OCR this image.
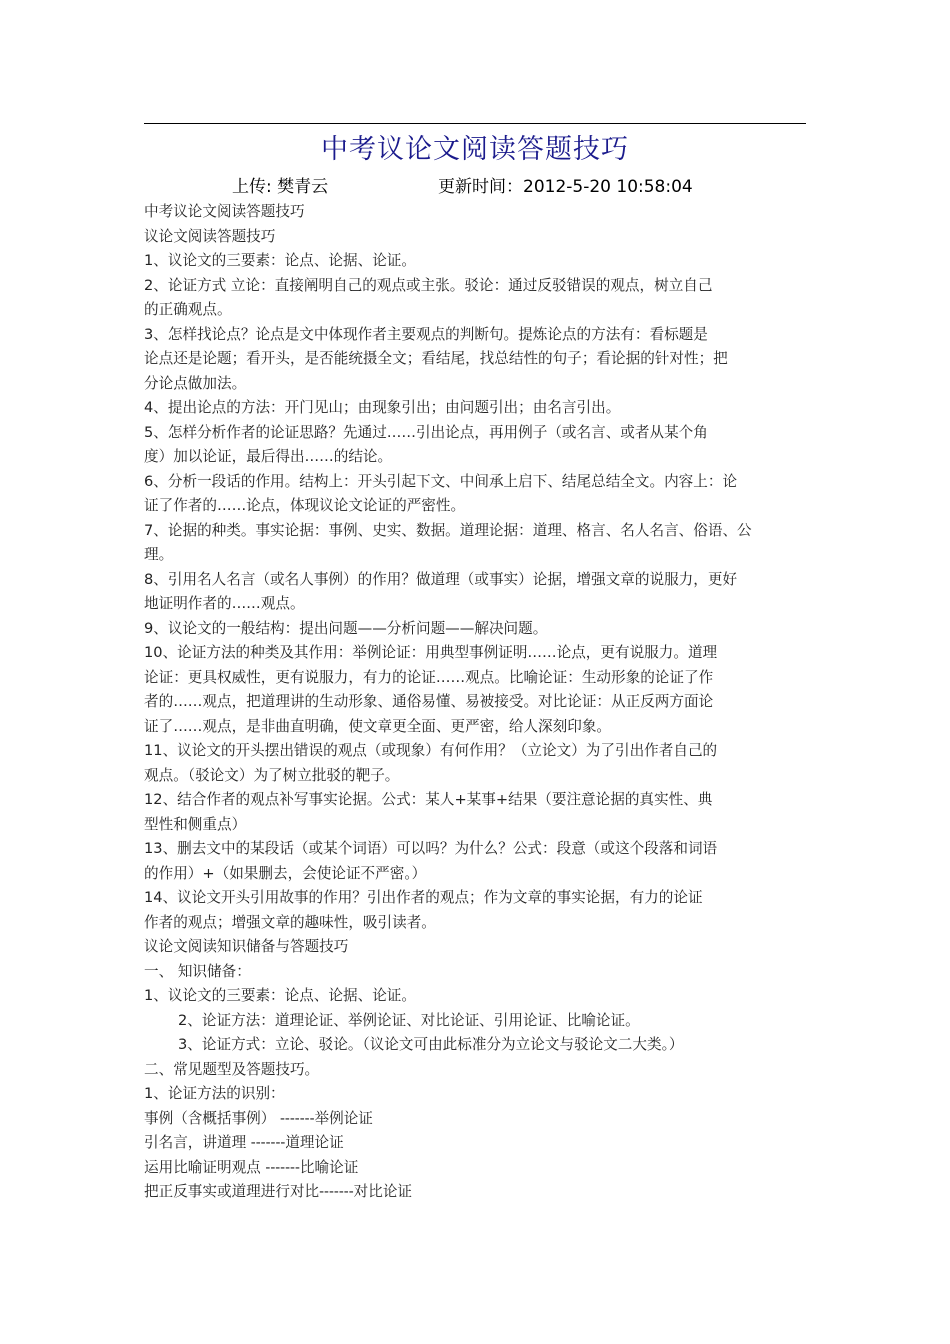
中考议论文阅读答题技巧
上传: 樊青云	更新时间：2012-5-20 10:58:04
中考议论文阅读答题技巧
议论文阅读答题技巧
1、议论文的三要素：论点、论据、论证。
2、论证方式 立论：直接阐明自己的观点或主张。驳论：通过反驳错误的观点，树立自己
的正确观点。
3、怎样找论点？论点是文中体现作者主要观点的判断句。提炼论点的方法有：看标题是
论点还是论题；看开头，是否能统摄全文；看结尾，找总结性的句子；看论据的针对性；把
分论点做加法。
4、提出论点的方法：开门见山；由现象引出；由问题引出；由名言引出。
5、怎样分析作者的论证思路？先通过……引出论点，再用例子（或名言、或者从某个角
度）加以论证，最后得出……的结论。
6、分析一段话的作用。结构上：开头引起下文、中间承上启下、结尾总结全文。内容上：论
证了作者的……论点，体现议论文论证的严密性。
7、论据的种类。事实论据：事例、史实、数据。道理论据：道理、格言、名人名言、俗语、公
理。
8、引用名人名言（或名人事例）的作用？做道理（或事实）论据，增强文章的说服力，更好
地证明作者的……观点。
9、议论文的一般结构：提出问题——分析问题——解决问题。
10、论证方法的种类及其作用：举例论证：用典型事例证明……论点，更有说服力。道理
论证：更具权威性，更有说服力，有力的论证……观点。比喻论证：生动形象的论证了作
者的……观点，把道理讲的生动形象、通俗易懂、易被接受。对比论证：从正反两方面论
证了……观点，是非曲直明确，使文章更全面、更严密，给人深刻印象。
11、议论文的开头摆出错误的观点（或现象）有何作用？（立论文）为了引出作者自己的
观点。（驳论文）为了树立批驳的靶子。
12、结合作者的观点补写事实论据。公式：某人+某事+结果（要注意论据的真实性、典
型性和侧重点）
13、删去文中的某段话（或某个词语）可以吗？为什么？公式：段意（或这个段落和词语
的作用）+（如果删去，会使论证不严密。）
14、议论文开头引用故事的作用？引出作者的观点；作为文章的事实论据，有力的论证
作者的观点；增强文章的趣味性，吸引读者。
议论文阅读知识储备与答题技巧
一、 知识储备：
1、议论文的三要素：论点、论据、论证。
2、论证方法：道理论证、举例论证、对比论证、引用论证、比喻论证。
3、论证方式：立论、驳论。（议论文可由此标准分为立论文与驳论文二大类。）
二、常见题型及答题技巧。
1、论证方法的识别：
事例（含概括事例） -------举例论证
引名言，讲道理 -------道理论证
运用比喻证明观点 -------比喻论证
把正反事实或道理进行对比-------对比论证
